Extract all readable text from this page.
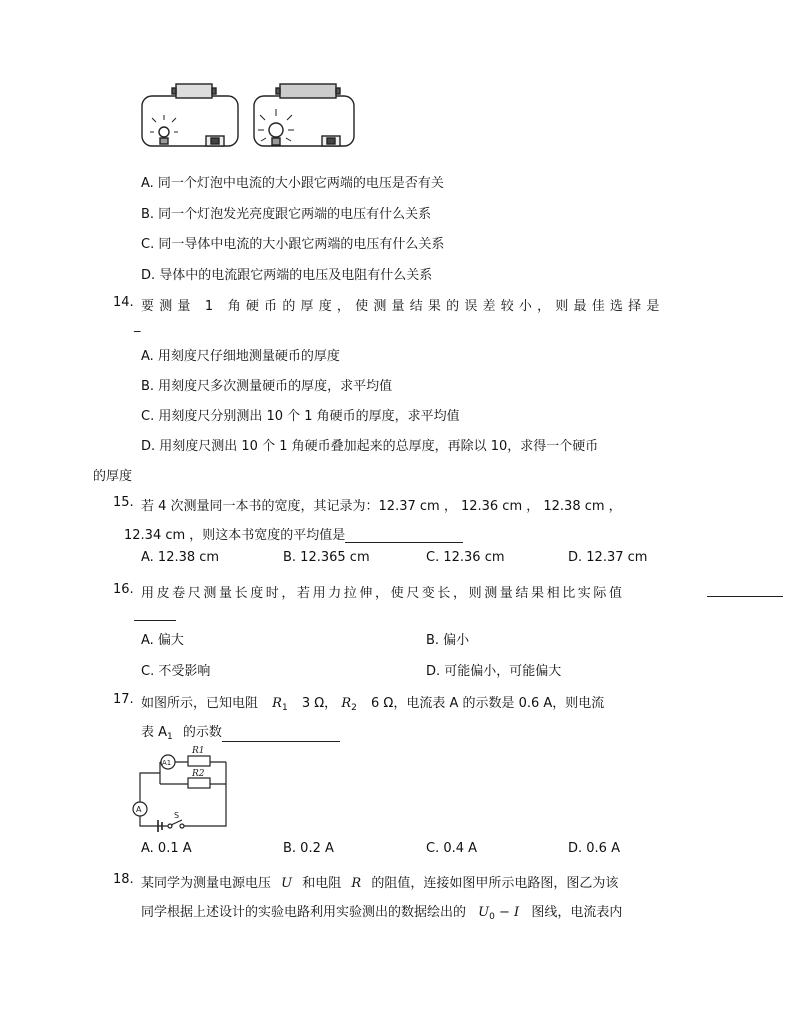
A. 同一个灯泡中电流的大小跟它两端的电压是否有关
B. 同一个灯泡发光亮度跟它两端的电压有什么关系
C. 同一导体中电流的大小跟它两端的电压有什么关系
D. 导体中的电流跟它两端的电压及电阻有什么关系
14. 要测量 1 角硬币的厚度，使测量结果的误差较小，则最佳选择是
_
A. 用刻度尺仔细地测量硬币的厚度
B. 用刻度尺多次测量硬币的厚度，求平均值
C. 用刻度尺分别测出 10 个 1 角硬币的厚度，求平均值
D. 用刻度尺测出 10 个 1 角硬币叠加起来的总厚度，再除以 10，求得一个硬币
的厚度
15. 若 4 次测量同一本书的宽度，其记录为：12.37 cm ， 12.36 cm ， 12.38 cm ，
12.34 cm ，则这本书宽度的平均值是
A. 12.38 cm	B. 12.365 cm	C. 12.36 cm	D. 12.37 cm
16. 用皮卷尺测量长度时，若用力拉伸，使尺变长，则测量结果相比实际值
A. 偏大	B. 偏小
C. 不受影响	D. 可能偏小，可能偏大
17. 如图所示，已知电阻 $R_1$ 3 Ω， $R_2$ 6 Ω，电流表 A 的示数是 0.6 A，则电流
表 $A_1$ 的示数
R1
R2
A1
A
S
A. 0.1 A	B. 0.2 A	C. 0.4 A	D. 0.6 A
18. 某同学为测量电源电压 U 和电阻 R 的阻值，连接如图甲所示电路图，图乙为该
同学根据上述设计的实验电路利用实验测出的数据绘出的 $U_0 - I$ 图线，电流表内
